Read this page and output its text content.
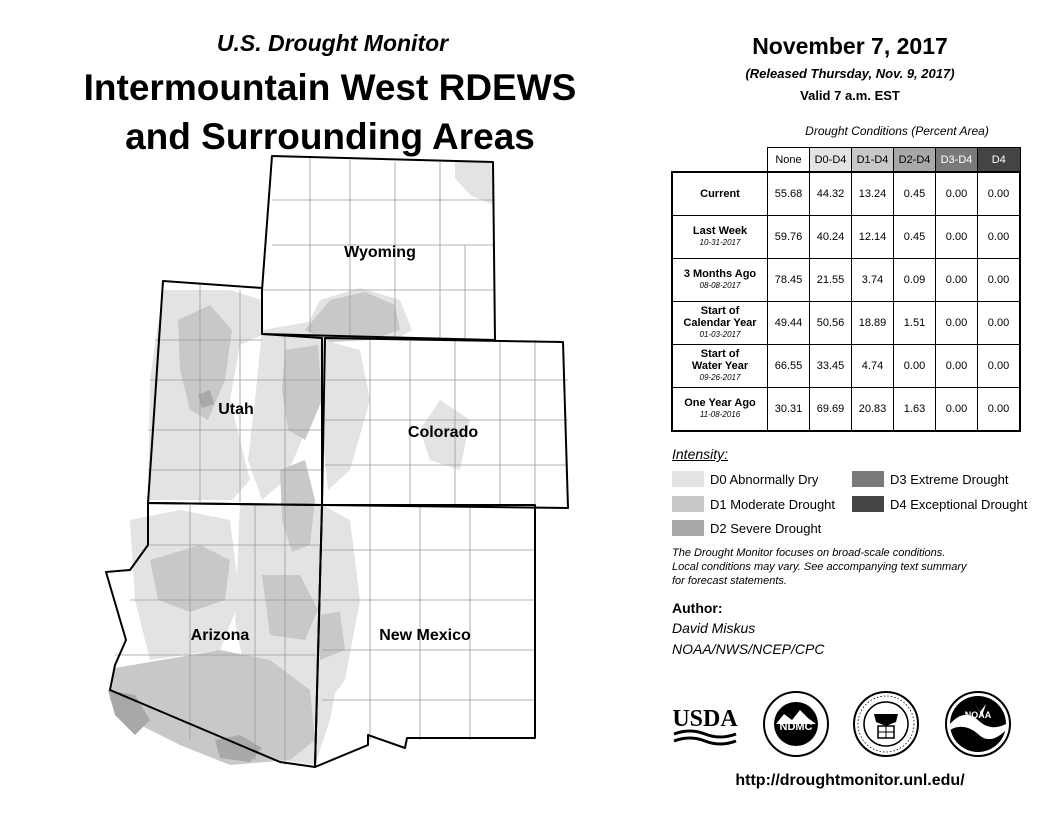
U.S. Drought Monitor
Intermountain West RDEWS
and Surrounding Areas
Wyoming
Utah
Colorado
Arizona	New Mexico
November 7, 2017
(Released Thursday, Nov. 9, 2017)
Valid 7 a.m. EST
Drought Conditions (Percent Area)
	None	D0-D4	D1-D4	D2-D4	D3-D4	D4

Current	55.68	44.32	13.24	0.45	0.00	0.00

Last Week
10-31-2017	59.76	40.24	12.14	0.45	0.00	0.00

3 Months Ago
08-08-2017	78.45	21.55	3.74	0.09	0.00	0.00

Start of
Calendar Year
01-03-2017	49.44	50.56	18.89	1.51	0.00	0.00

Start of
Water Year
09-26-2017	66.55	33.45	4.74	0.00	0.00	0.00

One Year Ago
11-08-2016	30.31	69.69	20.83	1.63	0.00	0.00
Intensity:
D0 Abnormally Dry
D1 Moderate Drought
D2 Severe Drought
D3 Extreme Drought
D4 Exceptional Drought
The Drought Monitor focuses on broad-scale conditions.
Local conditions may vary. See accompanying text summary
for forecast statements.
Author:
David Miskus
NOAA/NWS/NCEP/CPC
USDA	NDMC
NOAA
http://droughtmonitor.unl.edu/
